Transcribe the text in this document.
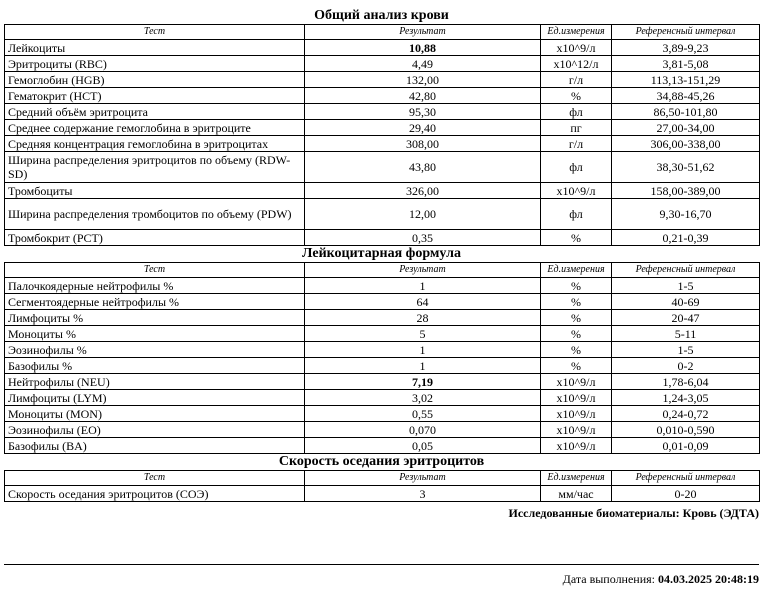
Общий анализ крови
Тест	Результат	Ед.измерения	Референсный интервал
Лейкоциты	10,88	x10^9/л	3,89-9,23
Эритроциты (RBC)	4,49	x10^12/л	3,81-5,08
Гемоглобин (HGB)	132,00	г/л	113,13-151,29
Гематокрит (HCT)	42,80	%	34,88-45,26
Средний объём эритроцита	95,30	фл	86,50-101,80
Среднее содержание гемоглобина в эритроците	29,40	пг	27,00-34,00
Средняя концентрация гемоглобина в эритроцитах	308,00	г/л	306,00-338,00
Ширина распределения эритроцитов по объему (RDW-SD)	43,80	фл	38,30-51,62
Тромбоциты	326,00	x10^9/л	158,00-389,00
Ширина распределения тромбоцитов по объему (PDW)	12,00	фл	9,30-16,70
Тромбокрит (PCT)	0,35	%	0,21-0,39
Лейкоцитарная формула
Тест	Результат	Ед.измерения	Референсный интервал
Палочкоядерные нейтрофилы %	1	%	1-5
Сегментоядерные нейтрофилы %	64	%	40-69
Лимфоциты %	28	%	20-47
Моноциты %	5	%	5-11
Эозинофилы %	1	%	1-5
Базофилы %	1	%	0-2
Нейтрофилы (NEU)	7,19	x10^9/л	1,78-6,04
Лимфоциты (LYM)	3,02	x10^9/л	1,24-3,05
Моноциты (MON)	0,55	x10^9/л	0,24-0,72
Эозинофилы (EO)	0,070	x10^9/л	0,010-0,590
Базофилы (BA)	0,05	x10^9/л	0,01-0,09
Скорость оседания эритроцитов
Тест	Результат	Ед.измерения	Референсный интервал
Скорость оседания эритроцитов (СОЭ)	3	мм/час	0-20
Исследованные биоматериалы: Кровь (ЭДТА)
Дата выполнения: 04.03.2025 20:48:19
